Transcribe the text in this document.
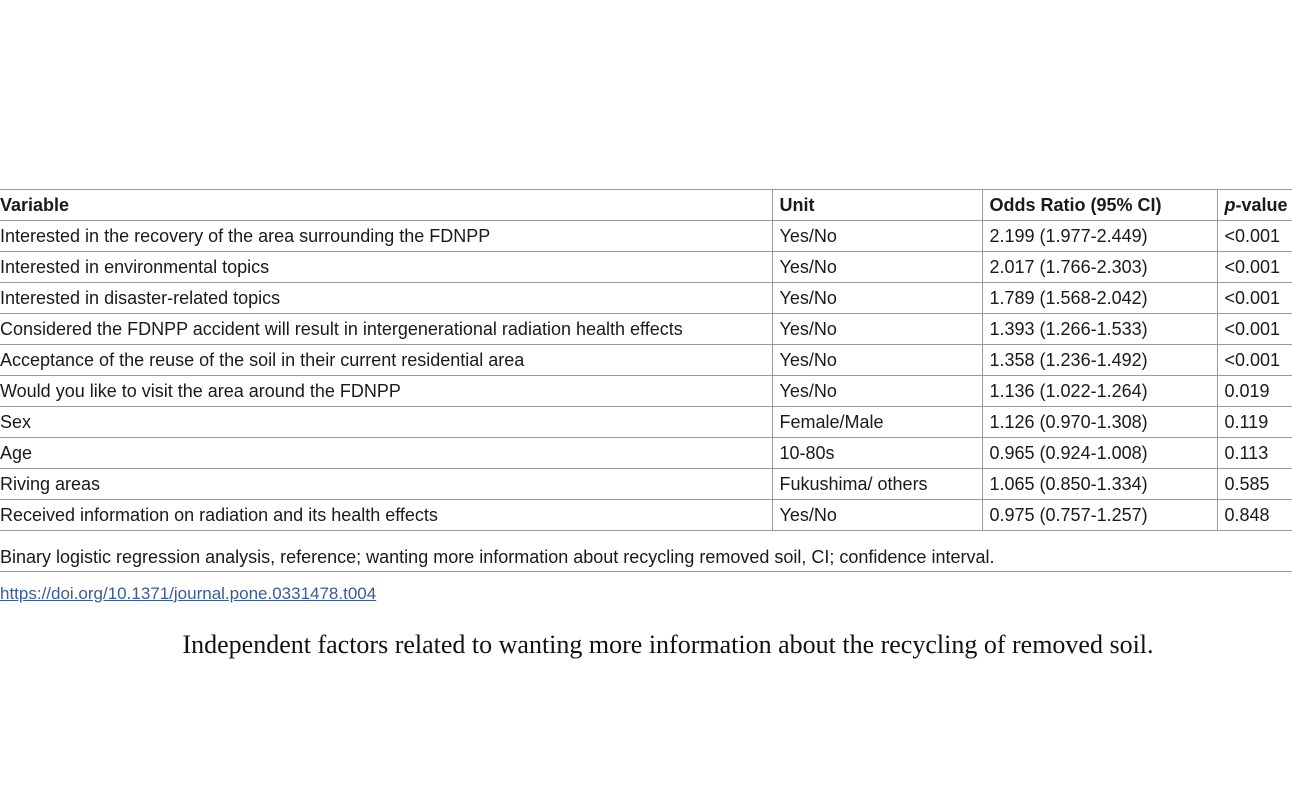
Variable	Unit	Odds Ratio (95% CI)	p-value
Interested in the recovery of the area surrounding the FDNPP	Yes/No	2.199 (1.977-2.449)	<0.001
Interested in environmental topics	Yes/No	2.017 (1.766-2.303)	<0.001
Interested in disaster-related topics	Yes/No	1.789 (1.568-2.042)	<0.001
Considered the FDNPP accident will result in intergenerational radiation health effects	Yes/No	1.393 (1.266-1.533)	<0.001
Acceptance of the reuse of the soil in their current residential area	Yes/No	1.358 (1.236-1.492)	<0.001
Would you like to visit the area around the FDNPP	Yes/No	1.136 (1.022-1.264)	0.019
Sex	Female/Male	1.126 (0.970-1.308)	0.119
Age	10-80s	0.965 (0.924-1.008)	0.113
Riving areas	Fukushima/ others	1.065 (0.850-1.334)	0.585
Received information on radiation and its health effects	Yes/No	0.975 (0.757-1.257)	0.848
Binary logistic regression analysis, reference; wanting more information about recycling removed soil, CI; confidence interval.
https://doi.org/10.1371/journal.pone.0331478.t004
Independent factors related to wanting more information about the recycling of removed soil.
